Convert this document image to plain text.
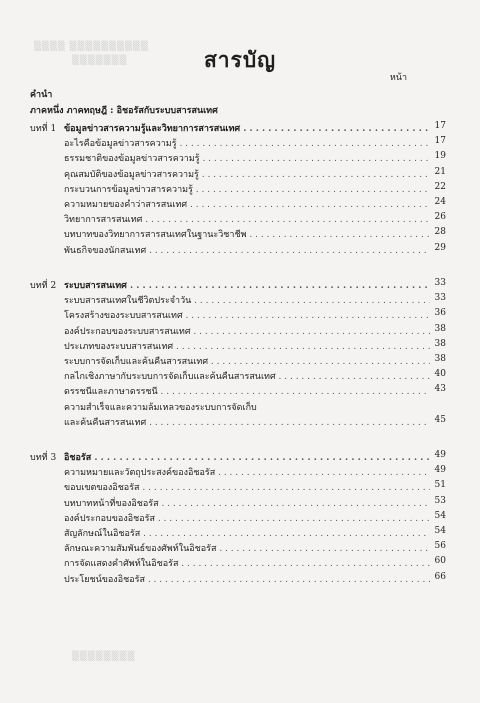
▒▒▒▒ ▒▒▒▒▒▒▒▒▒▒
▒▒▒▒▒▒▒
▒▒▒▒▒▒▒▒
สารบัญ
หน้า
คำนำ
ภาคหนึ่ง ภาคทฤษฎี : อิชอรัสกับระบบสารสนเทศ
บทที่ 1 ข้อมูลข่าวสารความรู้และวิทยาการสารสนเทศ . . .	17
อะไรคือข้อมูลข่าวสารความรู้ . . .	17
ธรรมชาติของข้อมูลข่าวสารความรู้ . . .	19
คุณสมบัติของข้อมูลข่าวสารความรู้ . . .	21
กระบวนการข้อมูลข่าวสารความรู้ . . .	22
ความหมายของคำว่าสารสนเทศ . . .	24
วิทยาการสารสนเทศ . . .	26
บทบาทของวิทยาการสารสนเทศในฐานะวิชาชีพ . . .	28
พันธกิจของนักสนเทศ . . .	29
บทที่ 2 ระบบสารสนเทศ . . .	33
ระบบสารสนเทศในชีวิตประจำวัน . . .	33
โครงสร้างของระบบสารสนเทศ . . .	36
องค์ประกอบของระบบสารสนเทศ . . .	38
ประเภทของระบบสารสนเทศ . . .	38
ระบบการจัดเก็บและค้นคืนสารสนเทศ . . .	38
กลไกเชิงภาษากับระบบการจัดเก็บและค้นคืนสารสนเทศ . . .	40
ดรรชนีและภาษาดรรชนี . . .	43
ความสำเร็จและความล้มเหลวของระบบการจัดเก็บ
และค้นคืนสารสนเทศ . . .	45
บทที่ 3 อิชอรัส . . .	49
ความหมายและวัตถุประสงค์ของอิชอรัส . . .	49
ขอบเขตของอิชอรัส . . .	51
บทบาทหน้าที่ของอิชอรัส . . .	53
องค์ประกอบของอิชอรัส . . .	54
สัญลักษณ์ในอิชอรัส . . .	54
ลักษณะความสัมพันธ์ของศัพท์ในอิชอรัส . . .	56
การจัดแสดงคำศัพท์ในอิชอรัส . . .	60
ประโยชน์ของอิชอรัส . . .	66
